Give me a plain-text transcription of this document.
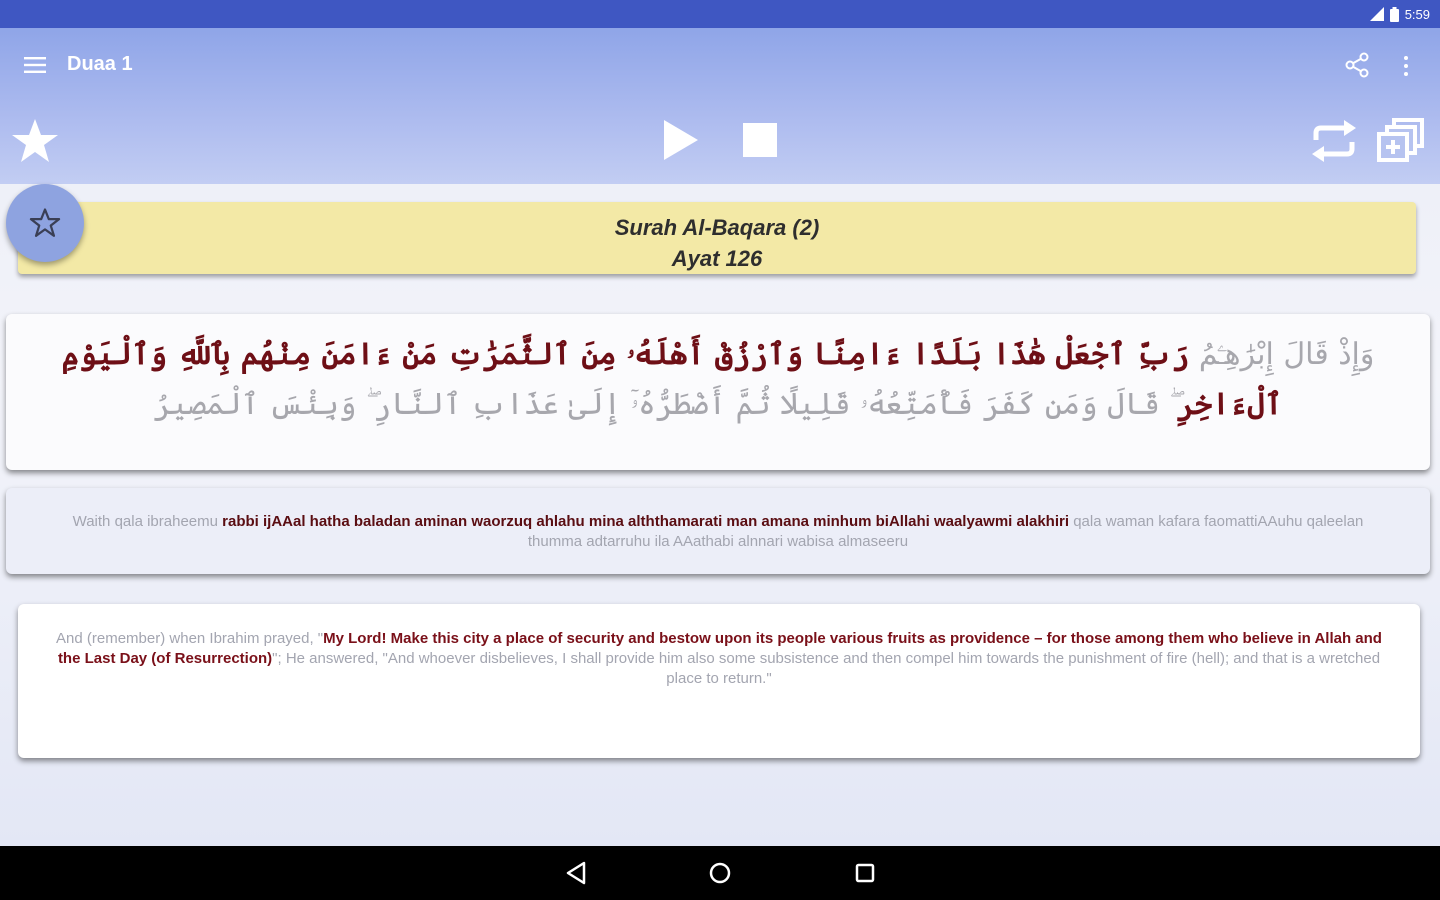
5:59
Duaa 1
Surah Al-Baqara (2)
Ayat 126
وَإِذْ قَالَ إِبْرَٰهِـۧمُ رَبِّ ٱجْعَلْ هَٰذَا بَلَدًا ءَامِنًا وَٱرْزُقْ أَهْلَهُۥ مِنَ ٱلثَّمَرَٰتِ مَنْ ءَامَنَ مِنْهُم بِٱللَّهِ وَٱلْيَوْمِ ٱلْءَاخِرِ ۖ قَالَ وَمَن كَفَرَ فَأُمَتِّعُهُۥ قَلِيلًا ثُمَّ أَضْطَرُّهُۥٓ إِلَىٰ عَذَابِ ٱلنَّارِ ۖ وَبِئْسَ ٱلْمَصِيرُ
Waith qala ibraheemu rabbi ijAAal hatha baladan aminan waorzuq ahlahu mina alththamarati man amana minhum biAllahi waalyawmi alakhiri qala waman kafara faomattiAAuhu qaleelan thumma adtarruhu ila AAathabi alnnari wabisa almaseeru
And (remember) when Ibrahim prayed, "My Lord! Make this city a place of security and bestow upon its people various fruits as providence – for those among them who believe in Allah and the Last Day (of Resurrection)"; He answered, "And whoever disbelieves, I shall provide him also some subsistence and then compel him towards the punishment of fire (hell); and that is a wretched place to return."
